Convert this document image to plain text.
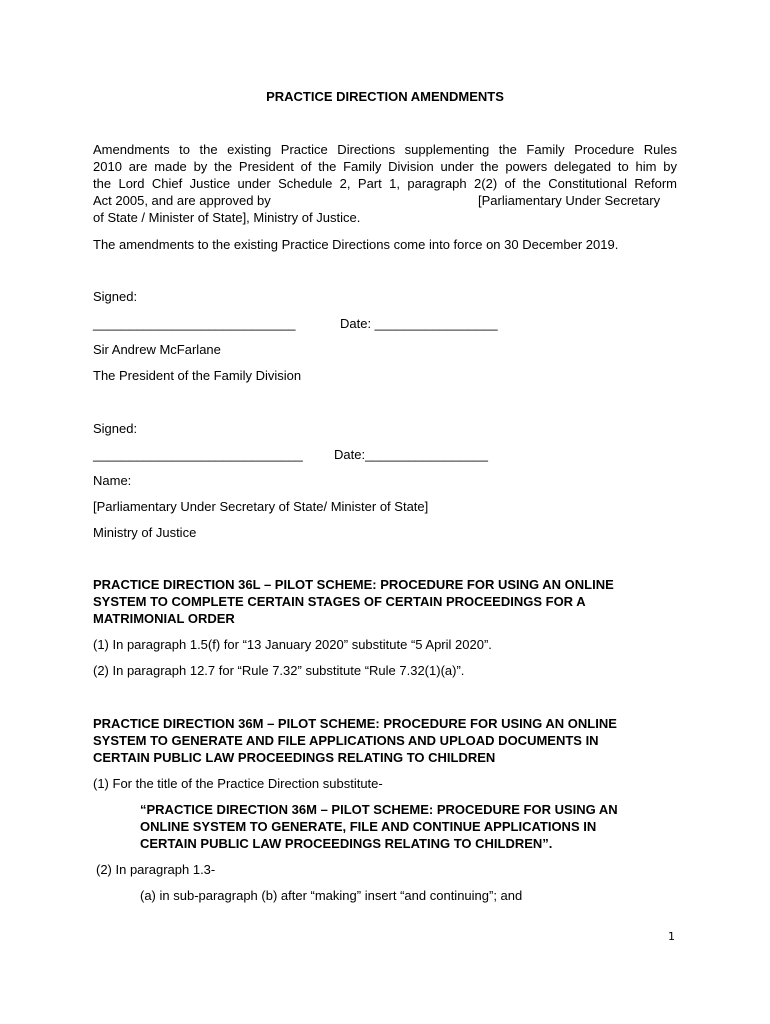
PRACTICE DIRECTION AMENDMENTS
Amendments to the existing Practice Directions supplementing the Family Procedure Rules
2010 are made by the President of the Family Division under the powers delegated to him by
the Lord Chief Justice under Schedule 2, Part 1, paragraph 2(2) of the Constitutional Reform
Act 2005, and are approved by	[Parliamentary Under Secretary
of State / Minister of State], Ministry of Justice.
The amendments to the existing Practice Directions come into force on 30 December 2019.
Signed:
____________________________	Date: _________________
Sir Andrew McFarlane
The President of the Family Division
Signed:
_____________________________ Date:_________________
Name:
[Parliamentary Under Secretary of State/ Minister of State]
Ministry of Justice
PRACTICE DIRECTION 36L – PILOT SCHEME: PROCEDURE FOR USING AN ONLINE
SYSTEM TO COMPLETE CERTAIN STAGES OF CERTAIN PROCEEDINGS FOR A
MATRIMONIAL ORDER
(1) In paragraph 1.5(f) for “13 January 2020” substitute “5 April 2020”.
(2) In paragraph 12.7 for “Rule 7.32” substitute “Rule 7.32(1)(a)”.
PRACTICE DIRECTION 36M – PILOT SCHEME: PROCEDURE FOR USING AN ONLINE
SYSTEM TO GENERATE AND FILE APPLICATIONS AND UPLOAD DOCUMENTS IN
CERTAIN PUBLIC LAW PROCEEDINGS RELATING TO CHILDREN
(1) For the title of the Practice Direction substitute-
“PRACTICE DIRECTION 36M – PILOT SCHEME: PROCEDURE FOR USING AN
ONLINE SYSTEM TO GENERATE, FILE AND CONTINUE APPLICATIONS IN
CERTAIN PUBLIC LAW PROCEEDINGS RELATING TO CHILDREN”.
(2) In paragraph 1.3-
(a) in sub-paragraph (b) after “making” insert “and continuing”; and
1
